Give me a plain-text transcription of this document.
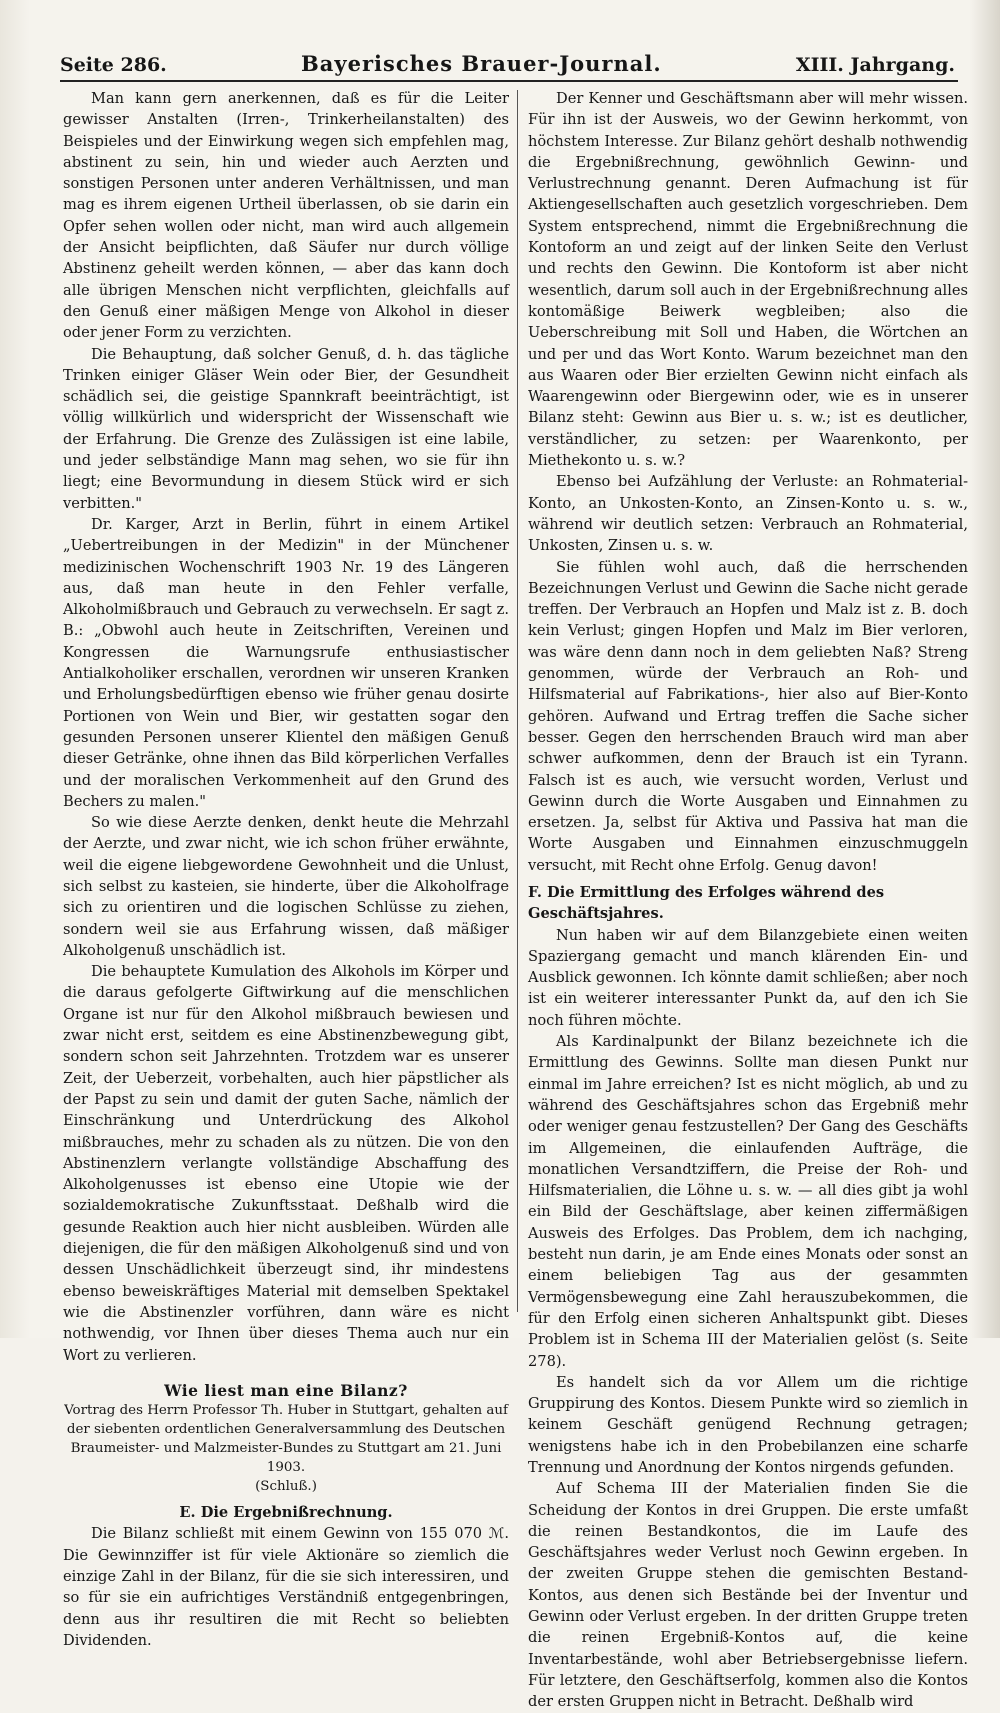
Seite 286.	Bayerisches Brauer-Journal.	XIII. Jahrgang.

Man kann gern anerkennen, daß es für die Leiter gewisser Anstalten (Irren-, Trinkerheilanstalten) des Beispieles und der Einwirkung wegen sich empfehlen mag, abstinent zu sein, hin und wieder auch Aerzten und sonstigen Personen unter anderen Verhältnissen, und man mag es ihrem eigenen Urtheil überlassen, ob sie darin ein Opfer sehen wollen oder nicht, man wird auch allgemein der Ansicht beipflichten, daß Säufer nur durch völlige Abstinenz geheilt werden können, — aber das kann doch alle übrigen Menschen nicht verpflichten, gleichfalls auf den Genuß einer mäßigen Menge von Alkohol in dieser oder jener Form zu verzichten.

Die Behauptung, daß solcher Genuß, d. h. das tägliche Trinken einiger Gläser Wein oder Bier, der Gesundheit schädlich sei, die geistige Spannkraft beeinträchtigt, ist völlig willkürlich und widerspricht der Wissenschaft wie der Erfahrung. Die Grenze des Zulässigen ist eine labile, und jeder selbständige Mann mag sehen, wo sie für ihn liegt; eine Bevormundung in diesem Stück wird er sich verbitten."

Dr. Karger, Arzt in Berlin, führt in einem Artikel „Uebertreibungen in der Medizin" in der Münchener medizinischen Wochenschrift 1903 Nr. 19 des Längeren aus, daß man heute in den Fehler verfalle, Alkoholmißbrauch und Gebrauch zu verwechseln. Er sagt z. B.: „Obwohl auch heute in Zeitschriften, Vereinen und Kongressen die Warnungsrufe enthusiastischer Antialkoholiker erschallen, verordnen wir unseren Kranken und Erholungsbedürftigen ebenso wie früher genau dosirte Portionen von Wein und Bier, wir gestatten sogar den gesunden Personen unserer Klientel den mäßigen Genuß dieser Getränke, ohne ihnen das Bild körperlichen Verfalles und der moralischen Verkommenheit auf den Grund des Bechers zu malen."

So wie diese Aerzte denken, denkt heute die Mehrzahl der Aerzte, und zwar nicht, wie ich schon früher erwähnte, weil die eigene liebgewordene Gewohnheit und die Unlust, sich selbst zu kasteien, sie hinderte, über die Alkoholfrage sich zu orientiren und die logischen Schlüsse zu ziehen, sondern weil sie aus Erfahrung wissen, daß mäßiger Alkoholgenuß unschädlich ist.

Die behauptete Kumulation des Alkohols im Körper und die daraus gefolgerte Giftwirkung auf die menschlichen Organe ist nur für den Alkohol mißbrauch bewiesen und zwar nicht erst, seitdem es eine Abstinenzbewegung gibt, sondern schon seit Jahrzehnten. Trotzdem war es unserer Zeit, der Ueberzeit, vorbehalten, auch hier päpstlicher als der Papst zu sein und damit der guten Sache, nämlich der Einschränkung und Unterdrückung des Alkohol mißbrauches, mehr zu schaden als zu nützen. Die von den Abstinenzlern verlangte vollständige Abschaffung des Alkoholgenusses ist ebenso eine Utopie wie der sozialdemokratische Zukunftsstaat. Deßhalb wird die gesunde Reaktion auch hier nicht ausbleiben. Würden alle diejenigen, die für den mäßigen Alkoholgenuß sind und von dessen Unschädlichkeit überzeugt sind, ihr mindestens ebenso beweiskräftiges Material mit demselben Spektakel wie die Abstinenzler vorführen, dann wäre es nicht nothwendig, vor Ihnen über dieses Thema auch nur ein Wort zu verlieren.

Wie liest man eine Bilanz?

Vortrag des Herrn Professor Th. Huber in Stuttgart, gehalten auf der siebenten ordentlichen Generalversammlung des Deutschen Braumeister- und Malzmeister-Bundes zu Stuttgart am 21. Juni 1903.

(Schluß.)

E. Die Ergebnißrechnung.

Die Bilanz schließt mit einem Gewinn von 155 070 ℳ. Die Gewinnziffer ist für viele Aktionäre so ziemlich die einzige Zahl in der Bilanz, für die sie sich interessiren, und so für sie ein aufrichtiges Verständniß entgegenbringen, denn aus ihr resultiren die mit Recht so beliebten Dividenden.

Der Kenner und Geschäftsmann aber will mehr wissen. Für ihn ist der Ausweis, wo der Gewinn herkommt, von höchstem Interesse. Zur Bilanz gehört deshalb nothwendig die Ergebnißrechnung, gewöhnlich Gewinn- und Verlustrechnung genannt. Deren Aufmachung ist für Aktiengesellschaften auch gesetzlich vorgeschrieben. Dem System entsprechend, nimmt die Ergebnißrechnung die Kontoform an und zeigt auf der linken Seite den Verlust und rechts den Gewinn. Die Kontoform ist aber nicht wesentlich, darum soll auch in der Ergebnißrechnung alles kontomäßige Beiwerk wegbleiben; also die Ueberschreibung mit Soll und Haben, die Wörtchen an und per und das Wort Konto. Warum bezeichnet man den aus Waaren oder Bier erzielten Gewinn nicht einfach als Waarengewinn oder Biergewinn oder, wie es in unserer Bilanz steht: Gewinn aus Bier u. s. w.; ist es deutlicher, verständlicher, zu setzen: per Waarenkonto, per Miethekonto u. s. w.?

Ebenso bei Aufzählung der Verluste: an Rohmaterial-Konto, an Unkosten-Konto, an Zinsen-Konto u. s. w., während wir deutlich setzen: Verbrauch an Rohmaterial, Unkosten, Zinsen u. s. w.

Sie fühlen wohl auch, daß die herrschenden Bezeichnungen Verlust und Gewinn die Sache nicht gerade treffen. Der Verbrauch an Hopfen und Malz ist z. B. doch kein Verlust; gingen Hopfen und Malz im Bier verloren, was wäre denn dann noch in dem geliebten Naß? Streng genommen, würde der Verbrauch an Roh- und Hilfsmaterial auf Fabrikations-, hier also auf Bier-Konto gehören. Aufwand und Ertrag treffen die Sache sicher besser. Gegen den herrschenden Brauch wird man aber schwer aufkommen, denn der Brauch ist ein Tyrann. Falsch ist es auch, wie versucht worden, Verlust und Gewinn durch die Worte Ausgaben und Einnahmen zu ersetzen. Ja, selbst für Aktiva und Passiva hat man die Worte Ausgaben und Einnahmen einzuschmuggeln versucht, mit Recht ohne Erfolg. Genug davon!

F. Die Ermittlung des Erfolges während des Geschäftsjahres.

Nun haben wir auf dem Bilanzgebiete einen weiten Spaziergang gemacht und manch klärenden Ein- und Ausblick gewonnen. Ich könnte damit schließen; aber noch ist ein weiterer interessanter Punkt da, auf den ich Sie noch führen möchte.

Als Kardinalpunkt der Bilanz bezeichnete ich die Ermittlung des Gewinns. Sollte man diesen Punkt nur einmal im Jahre erreichen? Ist es nicht möglich, ab und zu während des Geschäftsjahres schon das Ergebniß mehr oder weniger genau festzustellen? Der Gang des Geschäfts im Allgemeinen, die einlaufenden Aufträge, die monatlichen Versandtziffern, die Preise der Roh- und Hilfsmaterialien, die Löhne u. s. w. — all dies gibt ja wohl ein Bild der Geschäftslage, aber keinen ziffermäßigen Ausweis des Erfolges. Das Problem, dem ich nachging, besteht nun darin, je am Ende eines Monats oder sonst an einem beliebigen Tag aus der gesammten Vermögensbewegung eine Zahl herauszubekommen, die für den Erfolg einen sicheren Anhaltspunkt gibt. Dieses Problem ist in Schema III der Materialien gelöst (s. Seite 278).

Es handelt sich da vor Allem um die richtige Gruppirung des Kontos. Diesem Punkte wird so ziemlich in keinem Geschäft genügend Rechnung getragen; wenigstens habe ich in den Probebilanzen eine scharfe Trennung und Anordnung der Kontos nirgends gefunden.

Auf Schema III der Materialien finden Sie die Scheidung der Kontos in drei Gruppen. Die erste umfaßt die reinen Bestandkontos, die im Laufe des Geschäftsjahres weder Verlust noch Gewinn ergeben. In der zweiten Gruppe stehen die gemischten Bestand-Kontos, aus denen sich Bestände bei der Inventur und Gewinn oder Verlust ergeben. In der dritten Gruppe treten die reinen Ergebniß-Kontos auf, die keine Inventarbestände, wohl aber Betriebsergebnisse liefern. Für letztere, den Geschäftserfolg, kommen also die Kontos der ersten Gruppen nicht in Betracht. Deßhalb wird
